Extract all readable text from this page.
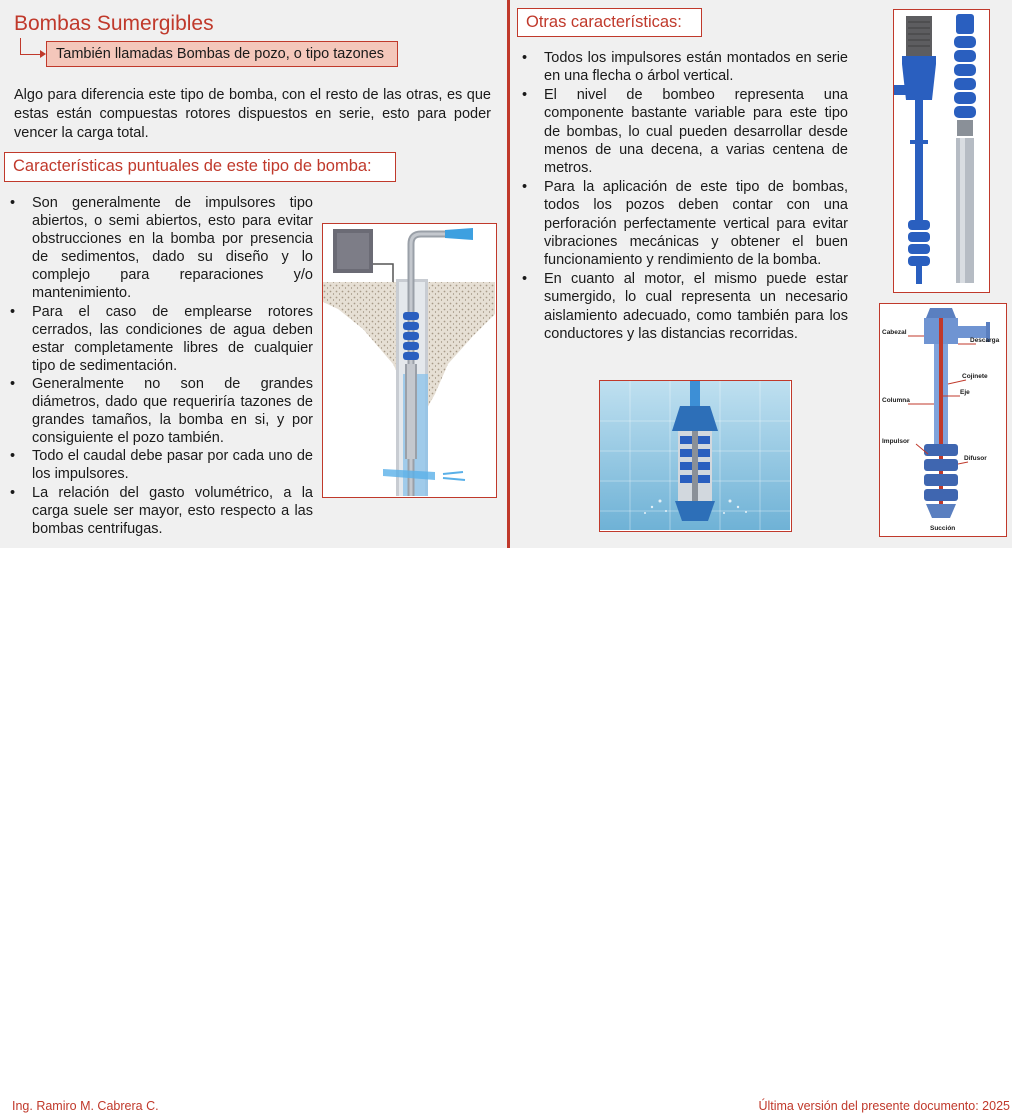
Bombas Sumergibles
También llamadas Bombas de pozo, o tipo tazones
Algo para diferencia este tipo de bomba, con el resto de las otras, es que estas están compuestas rotores dispuestos en serie, esto para poder vencer la carga total.
Características puntuales de este tipo de bomba:
• Son generalmente de impulsores tipo abiertos, o semi abiertos, esto para evitar obstrucciones en la bomba por presencia de sedimentos, dado su diseño y lo complejo para reparaciones y/o mantenimiento.
• Para el caso de emplearse rotores cerrados, las condiciones de agua deben estar completamente libres de cualquier tipo de sedimentación.
• Generalmente no son de grandes diámetros, dado que requeriría tazones de grandes tamaños, la bomba en si, y por consiguiente el pozo también.
• Todo el caudal debe pasar por cada uno de los impulsores.
• La relación del gasto volumétrico, a la carga suele ser mayor, esto respecto a las bombas centrifugas.
Otras características:
• Todos los impulsores están montados en serie en una flecha o árbol vertical.
• El nivel de bombeo representa una componente bastante variable para este tipo de bombas, lo cual pueden desarrollar desde menos de una decena, a varias centena de metros.
• Para la aplicación de este tipo de bombas, todos los pozos deben contar con una perforación perfectamente vertical para evitar vibraciones mecánicas y obtener el buen funcionamiento y rendimiento de la bomba.
• En cuanto al motor, el mismo puede estar sumergido, lo cual representa un necesario aislamiento adecuado, como también para los conductores y las distancias recorridas.	Cabezal
Descarga
Cojinete
Eje
Columna
Impulsor
Difusor
Succión
Ing. Ramiro M. Cabrera C.	Última versión del presente documento: 2025
